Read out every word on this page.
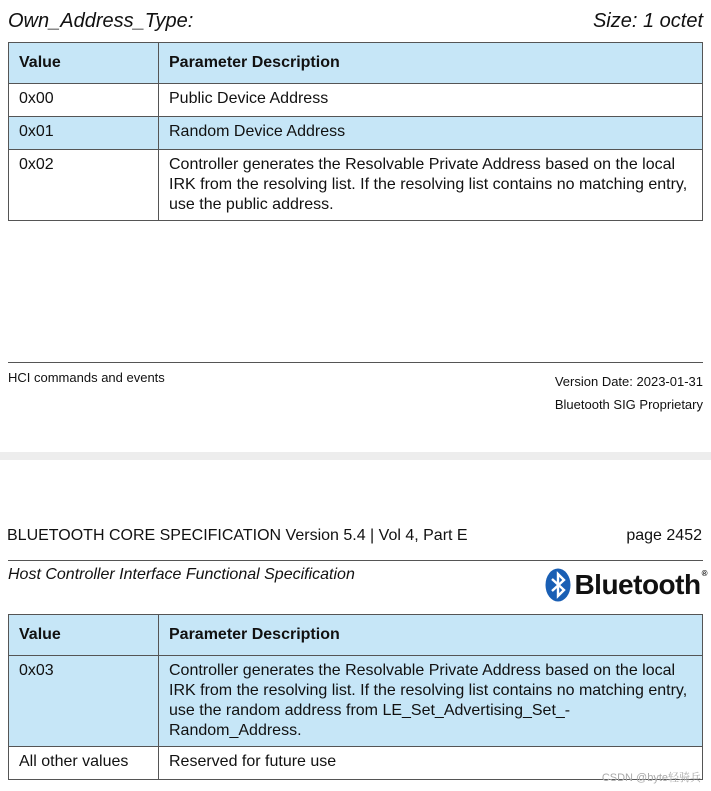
Own_Address_Type:	Size: 1 octet
Value	Parameter Description
0x00	Public Device Address
0x01	Random Device Address
0x02	Controller generates the Resolvable Private Address based on the local IRK from the resolving list. If the resolving list contains no matching entry, use the public address.
HCI commands and events	Version Date: 2023-01-31
Bluetooth SIG Proprietary
BLUETOOTH CORE SPECIFICATION Version 5.4 | Vol 4, Part E	page 2452
Host Controller Interface Functional Specification	Bluetooth®
Value	Parameter Description
0x03	Controller generates the Resolvable Private Address based on the local IRK from the resolving list. If the resolving list contains no matching entry, use the random address from LE_Set_Advertising_Set_-Random_Address.
All other values	Reserved for future use
CSDN @byte轻骑兵
